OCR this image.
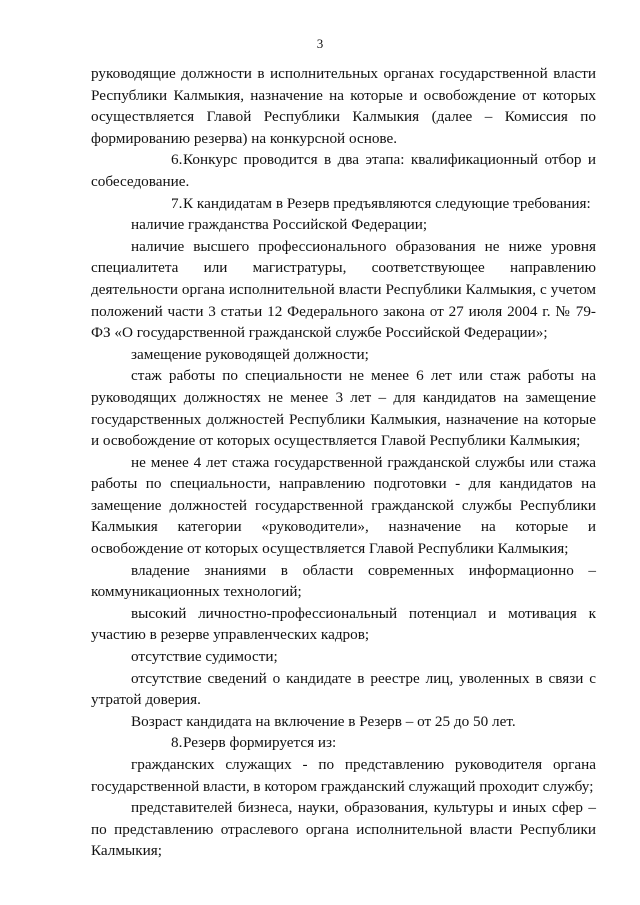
3

руководящие должности в исполнительных органах государственной власти Республики Калмыкия, назначение на которые и освобождение от которых осуществляется Главой Республики Калмыкия (далее – Комиссия по формированию резерва) на конкурсной основе.

6.Конкурс проводится в два этапа: квалификационный отбор и собеседование.

7.К кандидатам в Резерв предъявляются следующие требования:

наличие гражданства Российской Федерации;

наличие высшего профессионального образования не ниже уровня специалитета или магистратуры, соответствующее направлению деятельности органа исполнительной власти Республики Калмыкия, с учетом положений части 3 статьи 12 Федерального закона от 27 июля 2004 г. № 79-ФЗ «О государственной гражданской службе Российской Федерации»;

замещение руководящей должности;

стаж работы по специальности не менее 6 лет или стаж работы на руководящих должностях не менее 3 лет – для кандидатов на замещение государственных должностей Республики Калмыкия, назначение на которые и освобождение от которых осуществляется Главой Республики Калмыкия;

не менее 4 лет стажа государственной гражданской службы или стажа работы по специальности, направлению подготовки - для кандидатов на замещение должностей государственной гражданской службы Республики Калмыкия категории «руководители», назначение на которые и освобождение от которых осуществляется Главой Республики Калмыкия;

владение знаниями в области современных информационно – коммуникационных технологий;

высокий личностно-профессиональный потенциал и мотивация к участию в резерве управленческих кадров;

отсутствие судимости;

отсутствие сведений о кандидате в реестре лиц, уволенных в связи с утратой доверия.

Возраст кандидата на включение в Резерв – от 25 до 50 лет.

8.Резерв формируется из:

гражданских служащих - по представлению руководителя органа государственной власти, в котором гражданский служащий проходит службу;

представителей бизнеса, науки, образования, культуры и иных сфер – по представлению отраслевого органа исполнительной власти Республики Калмыкия;
